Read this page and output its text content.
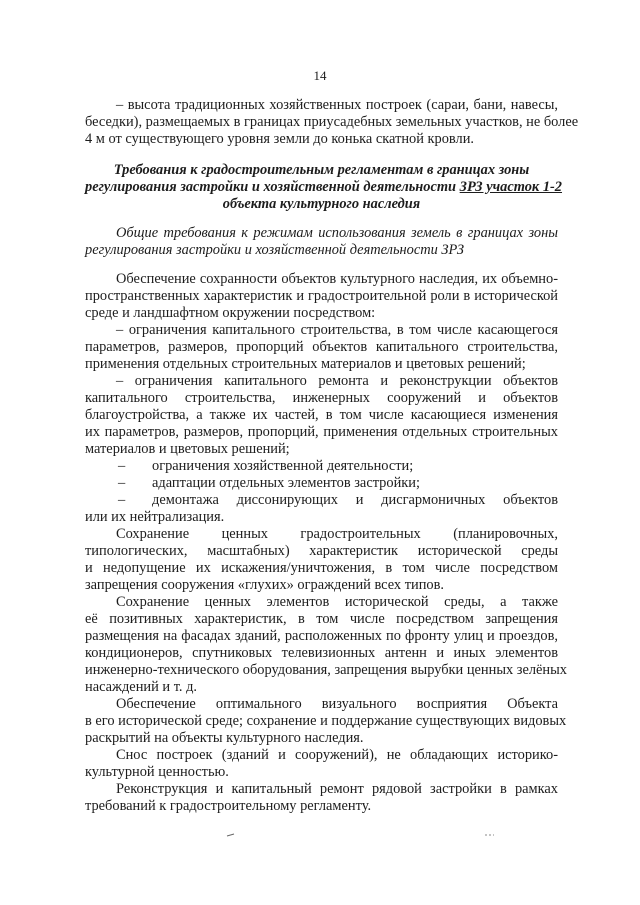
14
– высота традиционных хозяйственных построек (сараи, бани, навесы,
беседки), размещаемых в границах приусадебных земельных участков, не более
4 м от существующего уровня земли до конька скатной кровли.
Требования к градостроительным регламентам в границах зоны
регулирования застройки и хозяйственной деятельности ЗРЗ участок 1-2
объекта культурного наследия
Общие требования к режимам использования земель в границах зоны
регулирования застройки и хозяйственной деятельности ЗРЗ
Обеспечение сохранности объектов культурного наследия, их объемно-
пространственных характеристик и градостроительной роли в исторической
среде и ландшафтном окружении посредством:
– ограничения капитального строительства, в том числе касающегося
параметров, размеров, пропорций объектов капитального строительства,
применения отдельных строительных материалов и цветовых решений;
– ограничения капитального ремонта и реконструкции объектов
капитального строительства, инженерных сооружений и объектов
благоустройства, а также их частей, в том числе касающиеся изменения
их параметров, размеров, пропорций, применения отдельных строительных
материалов и цветовых решений;
– ограничения хозяйственной деятельности;
– адаптации отдельных элементов застройки;
– демонтажа диссонирующих и дисгармоничных объектов
или их нейтрализация.
Сохранение ценных градостроительных (планировочных,
типологических, масштабных) характеристик исторической среды
и недопущение их искажения/уничтожения, в том числе посредством
запрещения сооружения «глухих» ограждений всех типов.
Сохранение ценных элементов исторической среды, а также
её позитивных характеристик, в том числе посредством запрещения
размещения на фасадах зданий, расположенных по фронту улиц и проездов,
кондиционеров, спутниковых телевизионных антенн и иных элементов
инженерно-технического оборудования, запрещения вырубки ценных зелёных
насаждений и т. д.
Обеспечение оптимального визуального восприятия Объекта
в его исторической среде; сохранение и поддержание существующих видовых
раскрытий на объекты культурного наследия.
Снос построек (зданий и сооружений), не обладающих историко-
культурной ценностью.
Реконструкция и капитальный ремонт рядовой застройки в рамках
требований к градостроительному регламенту.
